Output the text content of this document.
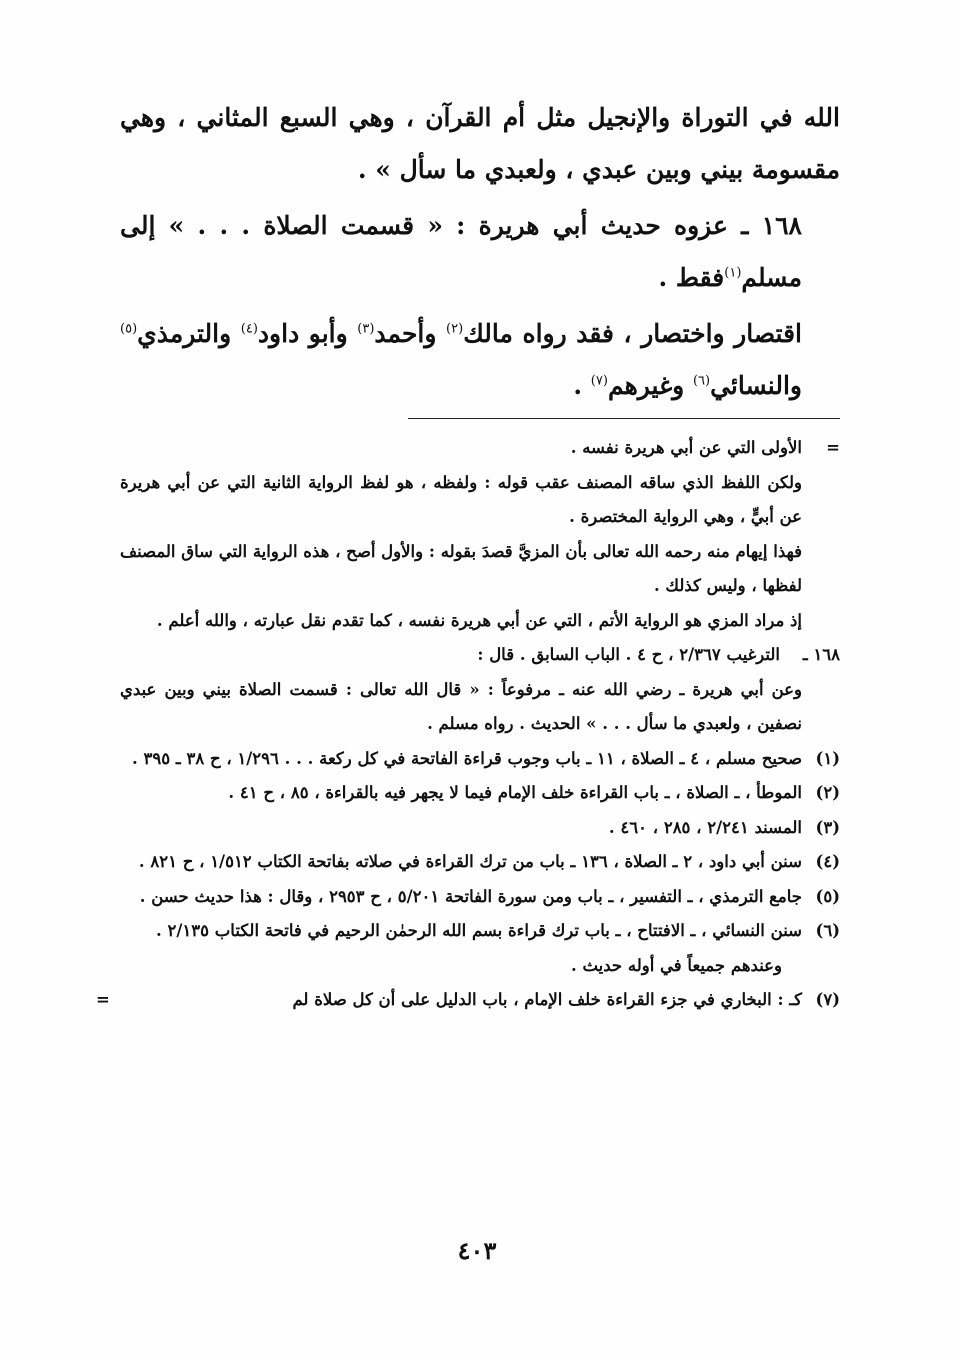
الله في التوراة والإنجيل مثل أم القرآن ، وهي السبع المثاني ، وهي مقسومة بيني وبين عبدي ، ولعبدي ما سأل » .

١٦٨ ـ عزوه حديث أبي هريرة : « قسمت الصلاة . . . » إلى مسلم$^{(١)}$فقط .

اقتصار واختصار ، فقد رواه مالك$^{(٢)}$ وأحمد$^{(٣)}$ وأبو داود$^{(٤)}$ والترمذي$^{(٥)}$ والنسائي$^{(٦)}$ وغيرهم$^{(٧)}$ .

=
الأولى التي عن أبي هريرة نفسه .
ولكن اللفظ الذي ساقه المصنف عقب قوله : ولفظه ، هو لفظ الرواية الثانية التي عن أبي هريرة عن أبيٍّ ، وهي الرواية المختصرة .
فهذا إيهام منه رحمه الله تعالى بأن المزيَّ قصدَ بقوله : والأول أصح ، هذه الرواية التي ساق المصنف لفظها ، وليس كذلك .
إذ مراد المزي هو الرواية الأتم ، التي عن أبي هريرة نفسه ، كما تقدم نقل عبارته ، والله أعلم .
١٦٨ ـ
الترغيب ٢/٣٦٧ ، ح ٤ . الباب السابق . قال :
وعن أبي هريرة ـ رضي الله عنه ـ مرفوعاً : « قال الله تعالى : قسمت الصلاة بيني وبين عبدي نصفين ، ولعبدي ما سأل . . . » الحديث . رواه مسلم .
(١)
صحيح مسلم ، ٤ ـ الصلاة ، ١١ ـ باب وجوب قراءة الفاتحة في كل ركعة . . . ١/٢٩٦ ، ح ٣٨ ـ ٣٩٥ .
(٢)
الموطأ ، ـ الصلاة ، ـ باب القراءة خلف الإمام فيما لا يجهر فيه بالقراءة ، ٨٥ ، ح ٤١ .
(٣)
المسند ٢/٢٤١ ، ٢٨٥ ، ٤٦٠ .
(٤)
سنن أبي داود ، ٢ ـ الصلاة ، ١٣٦ ـ باب من ترك القراءة في صلاته بفاتحة الكتاب ١/٥١٢ ، ح ٨٢١ .
(٥)
جامع الترمذي ، ـ التفسير ، ـ باب ومن سورة الفاتحة ٥/٢٠١ ، ح ٢٩٥٣ ، وقال : هذا حديث حسن .
(٦)
سنن النسائي ، ـ الافتتاح ، ـ باب ترك قراءة بسم الله الرحمٰن الرحيم في فاتحة الكتاب ٢/١٣٥ .
وعندهم جميعاً في أوله حديث .
(٧)
كـ : البخاري في جزء القراءة خلف الإمام ، باب الدليل على أن كل صلاة لم
=
٤٠٣
